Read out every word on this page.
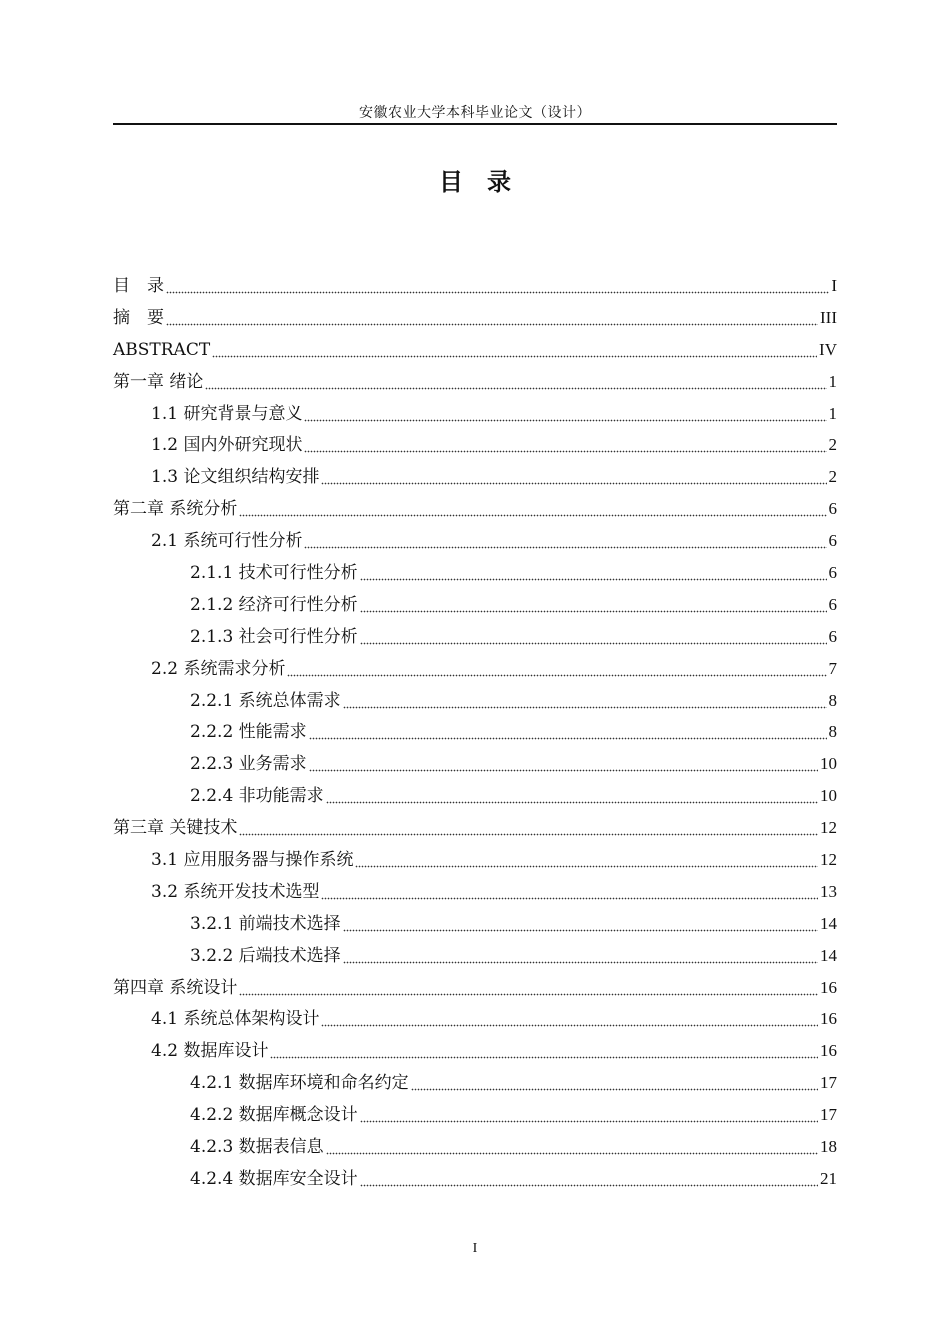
安徽农业大学本科毕业论文（设计）
目录
目　录	I
摘　要	III
ABSTRACT	IV
第一章 绪论	1
1.1 研究背景与意义	1
1.2 国内外研究现状	2
1.3 论文组织结构安排	2
第二章 系统分析	6
2.1 系统可行性分析	6
2.1.1 技术可行性分析	6
2.1.2 经济可行性分析	6
2.1.3 社会可行性分析	6
2.2 系统需求分析	7
2.2.1 系统总体需求	8
2.2.2 性能需求	8
2.2.3 业务需求	10
2.2.4 非功能需求	10
第三章 关键技术	12
3.1 应用服务器与操作系统	12
3.2 系统开发技术选型	13
3.2.1 前端技术选择	14
3.2.2 后端技术选择	14
第四章 系统设计	16
4.1 系统总体架构设计	16
4.2 数据库设计	16
4.2.1 数据库环境和命名约定	17
4.2.2 数据库概念设计	17
4.2.3 数据表信息	18
4.2.4 数据库安全设计	21
I
